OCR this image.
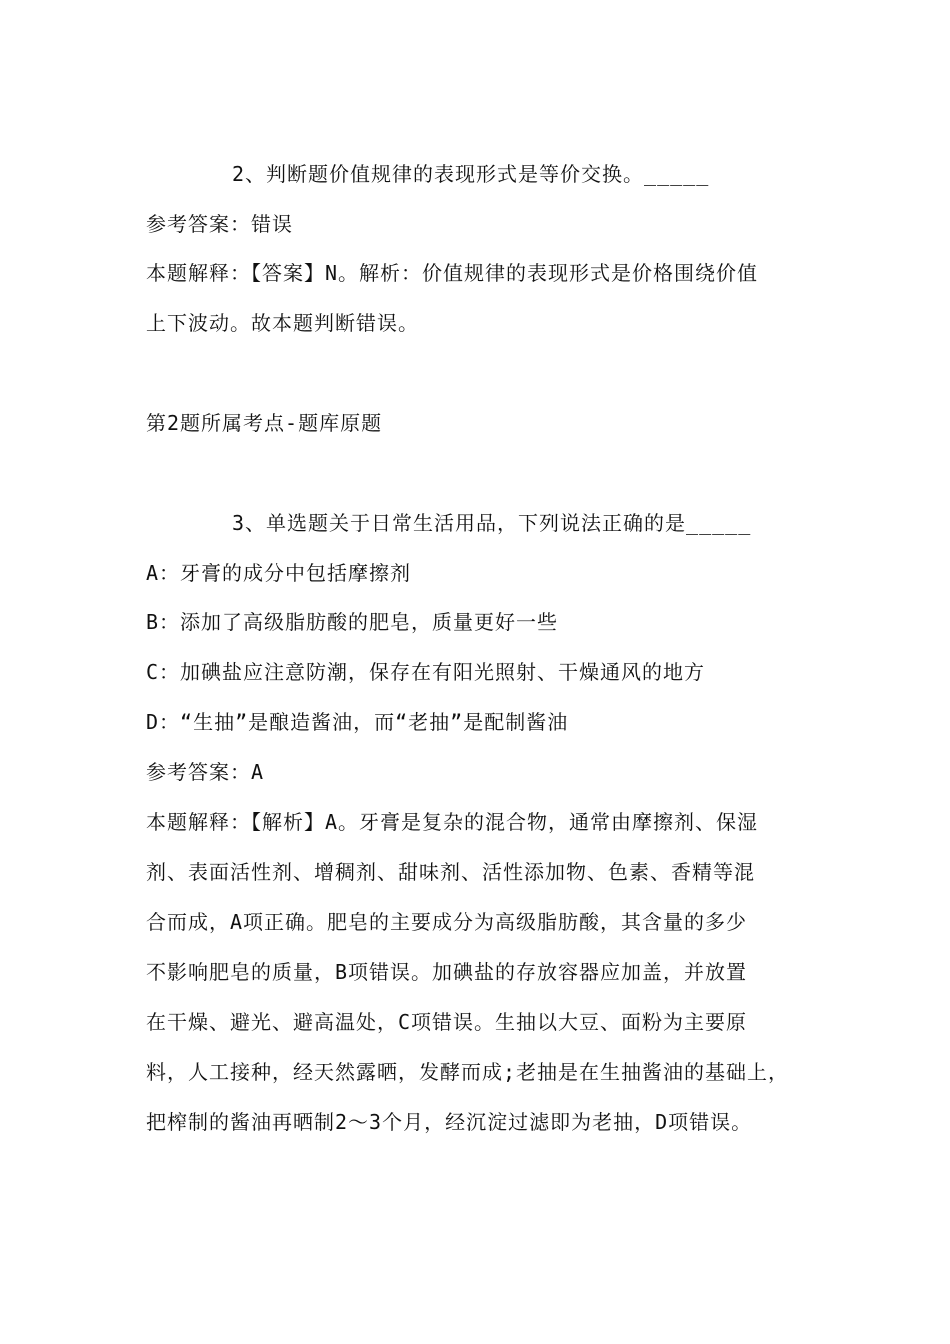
2、判断题价值规律的表现形式是等价交换。_____
参考答案：错误
本题解释：【答案】N。解析：价值规律的表现形式是价格围绕价值
上下波动。故本题判断错误。
第2题所属考点-题库原题
3、单选题关于日常生活用品，下列说法正确的是_____
A：牙膏的成分中包括摩擦剂
B：添加了高级脂肪酸的肥皂，质量更好一些
C：加碘盐应注意防潮，保存在有阳光照射、干燥通风的地方
D：“生抽”是酿造酱油，而“老抽”是配制酱油
参考答案：A
本题解释：【解析】A。牙膏是复杂的混合物，通常由摩擦剂、保湿
剂、表面活性剂、增稠剂、甜味剂、活性添加物、色素、香精等混
合而成，A项正确。肥皂的主要成分为高级脂肪酸，其含量的多少
不影响肥皂的质量，B项错误。加碘盐的存放容器应加盖，并放置
在干燥、避光、避高温处，C项错误。生抽以大豆、面粉为主要原
料，人工接种，经天然露晒，发酵而成;老抽是在生抽酱油的基础上，
把榨制的酱油再晒制2～3个月，经沉淀过滤即为老抽，D项错误。
